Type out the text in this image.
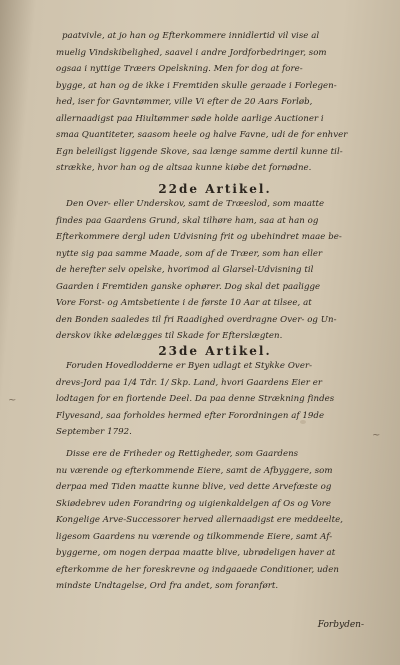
~
~
paatvivle, at jo han og Efterkommere innidlertid vil vise al
muelig Vindskibelighed, saavel i andre Jordforbedringer, som
ogsaa i nyttige Træers Opelskning. Men for dog at fore-
bygge, at han og de ikke i Fremtiden skulle geraade i Forlegen-
hed, iser for Gavntømmer, ville Vi efter de 20 Aars Forløb,
allernaadigst paa Hiultømmer søde holde aarlige Auctioner i
smaa Quantiteter, saasom heele og halve Favne, udi de for enhver
Egn beleiligst liggende Skove, saa længe samme dertil kunne til-
strække, hvor han og de altsaa kunne kiøbe det fornødne.
22de Artikel.
Den Over- eller Underskov, samt de Træeslod, som maatte
findes paa Gaardens Grund, skal tilhøre ham, saa at han og
Efterkommere dergl uden Udvisning frit og ubehindret maae be-
nytte sig paa samme Maade, som af de Træer, som han eller
de herefter selv opelske, hvorimod al Glarsel-Udvisning til
Gaarden i Fremtiden ganske ophører. Dog skal det paaligge
Vore Forst- og Amtsbetiente i de første 10 Aar at tilsee, at
den Bonden saaledes til fri Raadighed overdragne Over- og Un-
derskov ikke ødelægges til Skade for Efterslægten.
23de Artikel.
Foruden Hovedlodderne er Byen udlagt et Stykke Over-
drevs-Jord paa 1/4 Tdr. 1/ Skp. Land, hvori Gaardens Eier er
lodtagen for en fiortende Deel. Da paa denne Strækning findes
Flyvesand, saa forholdes hermed efter Forordningen af 19de
September 1792.
Disse ere de Friheder og Rettigheder, som Gaardens
nu værende og efterkommende Eiere, samt de Afbyggere, som
derpaa med Tiden maatte kunne blive, ved dette Arvefæste og
Skiødebrev uden Forandring og uigienkaldelgen af Os og Vore
Kongelige Arve-Successorer herved allernaadigst ere meddeelte,
ligesom Gaardens nu værende og tilkommende Eiere, samt Af-
byggerne, om nogen derpaa maatte blive, ubrødeligen haver at
efterkomme de her foreskrevne og indgaaede Conditioner, uden
mindste Undtagelse, Ord fra andet, som foranført.
Forbyden-
